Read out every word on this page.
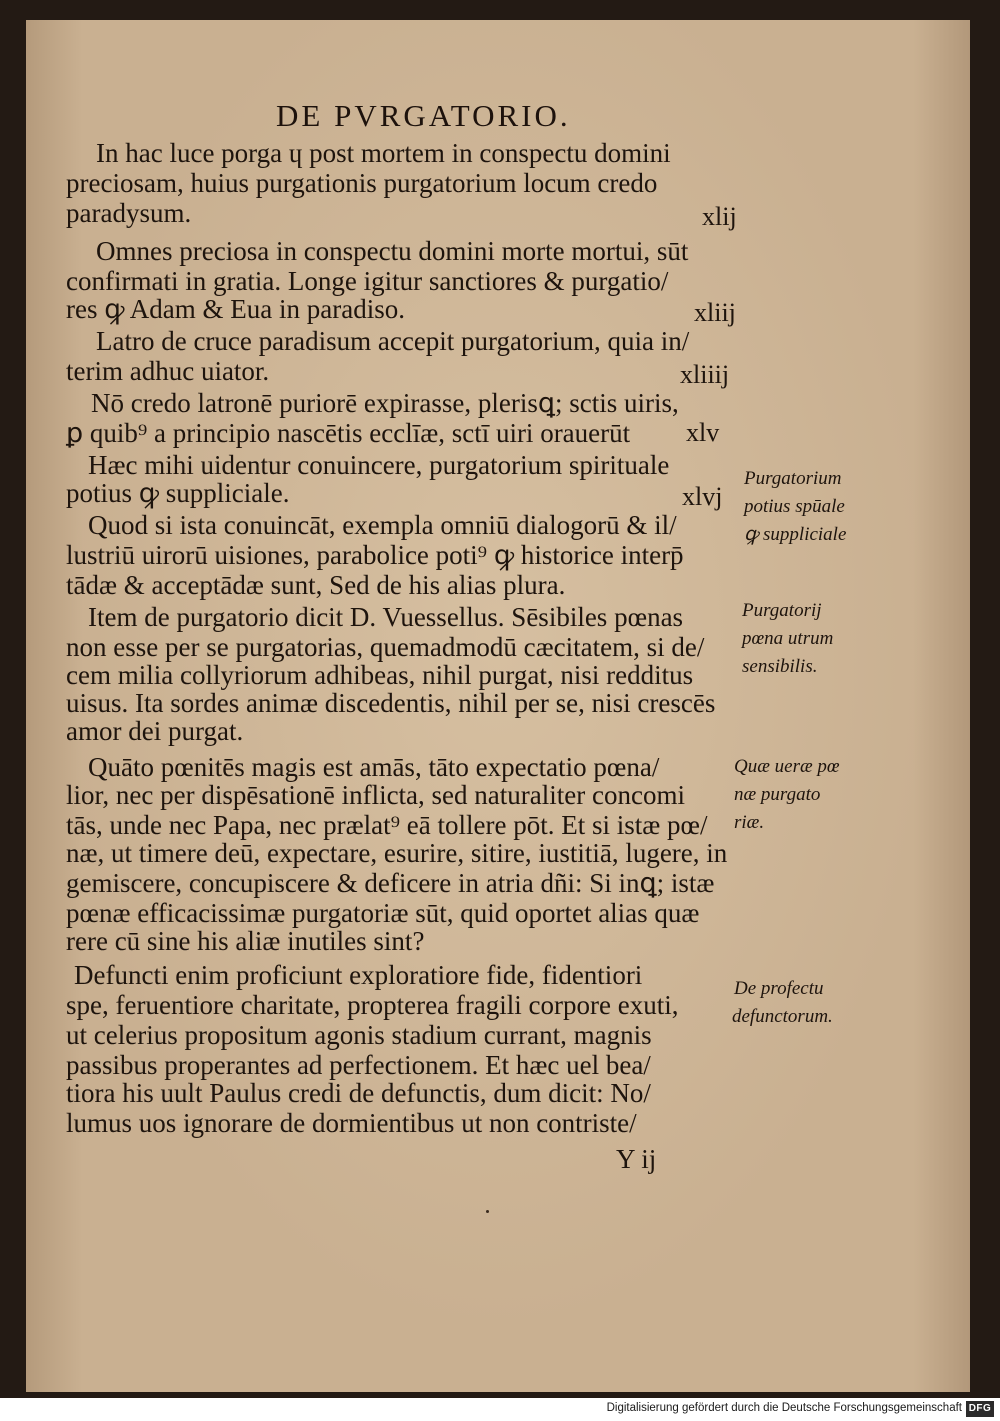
DE PVRGATORIO.
In hac luce porga ɥ post mortem in conspectu domini
preciosam, huius purgationis purgatorium locum credo
paradysum.
Omnes preciosa in conspectu domini morte mortui, sūt
confirmati in gratia. Longe igitur sanctiores & purgatio/
res ꝙ Adam & Eua in paradiso.
Latro de cruce paradisum accepit purgatorium, quia in/
terim adhuc uiator.
Nō credo latronē puriorē expirasse, plerisꝗ; sctis uiris,
ꝑ quib⁹ a principio nascētis ecclīæ, sctī uiri orauerūt
Hæc mihi uidentur conuincere, purgatorium spirituale
potius ꝙ suppliciale.
Quod si ista conuincāt, exempla omniū dialogorū & il/
lustriū uirorū uisiones, parabolice poti⁹ ꝙ historice interp̄
tādæ & acceptādæ sunt, Sed de his alias plura.
Item de purgatorio dicit D. Vuessellus. Sēsibiles pœnas
non esse per se purgatorias, quemadmodū cæcitatem, si de/
cem milia collyriorum adhibeas, nihil purgat, nisi redditus
uisus. Ita sordes animæ discedentis, nihil per se, nisi crescēs
amor dei purgat.
Quāto pœnitēs magis est amās, tāto expectatio pœna/
lior, nec per dispēsationē inflicta, sed naturaliter concomi
tās, unde nec Papa, nec prælat⁹ eā tollere pōt. Et si istæ pœ/
næ, ut timere deū, expectare, esurire, sitire, iustitiā, lugere, in
gemiscere, concupiscere & deficere in atria dñi: Si inꝗ; istæ
pœnæ efficacissimæ purgatoriæ sūt, quid oportet alias quæ
rere cū sine his aliæ inutiles sint?
Defuncti enim proficiunt exploratiore fide, fidentiori
spe, feruentiore charitate, propterea fragili corpore exuti,
ut celerius propositum agonis stadium currant, magnis
passibus properantes ad perfectionem. Et hæc uel bea/
tiora his uult Paulus credi de defunctis, dum dicit: No/
lumus uos ignorare de dormientibus ut non contriste/
xlij
xliij
xliiij
xlv
xlvj
Purgatorium
potius spūale
ꝙ suppliciale
Purgatorij
pœna utrum
sensibilis.
Quæ ueræ pœ
næ purgato
riæ.
De profectu
defunctorum.
Y ij
Digitalisierung gefördert durch die Deutsche Forschungsgemeinschaft DFG
